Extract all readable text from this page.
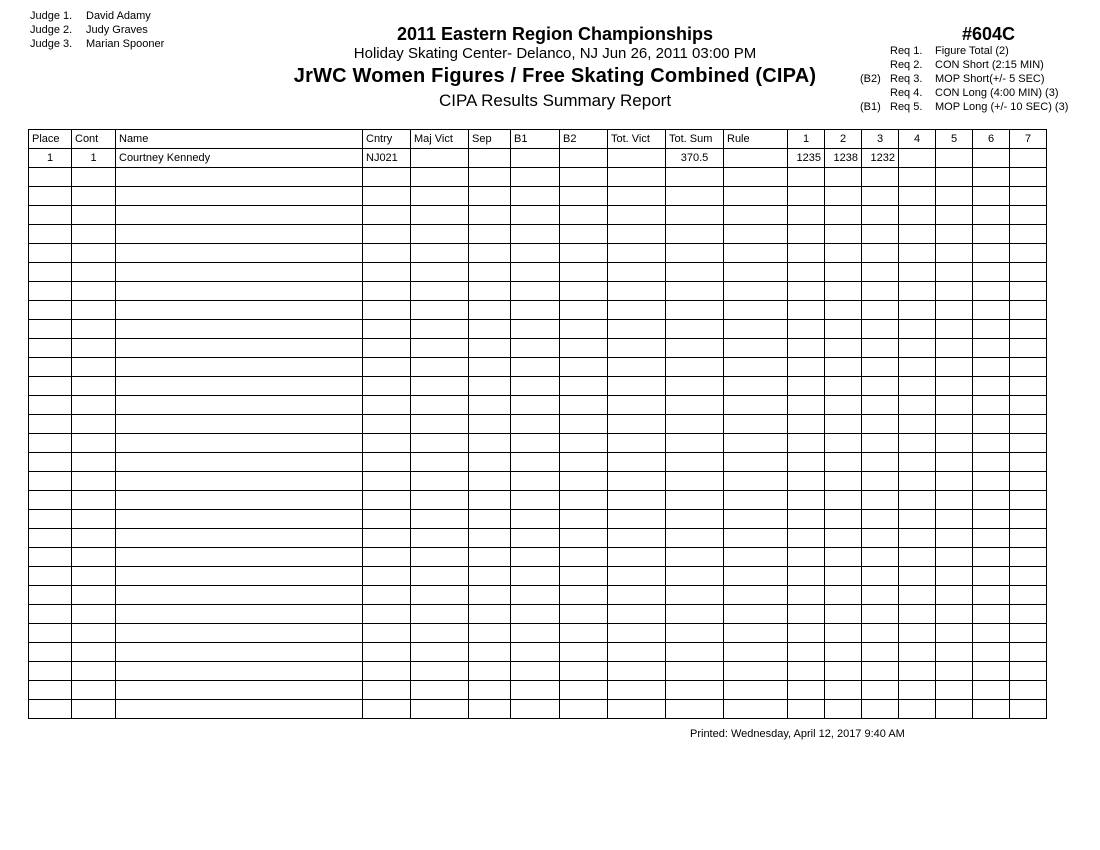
Judge 1. David Adamy
Judge 2. Judy Graves
Judge 3. Marian Spooner	2011 Eastern Region Championships
Holiday Skating Center- Delanco, NJ Jun 26, 2011 03:00 PM
JrWC Women Figures / Free Skating Combined (CIPA)
CIPA Results Summary Report
#604C
Req 1. Figure Total (2)
Req 2. CON Short (2:15 MIN)
(B2) Req 3. MOP Short(+/- 5 SEC)
Req 4. CON Long (4:00 MIN) (3)
(B1) Req 5. MOP Long (+/- 10 SEC) (3)
Place	Cont	Name	Cntry	Maj Vict	Sep	B1	B2	Tot. Vict	Tot. Sum	Rule	1	2	3	4	5	6	7
1	1	Courtney Kennedy	NJ021						370.5		1235	1238	1232				

Printed: Wednesday, April 12, 2017 9:40 AM
